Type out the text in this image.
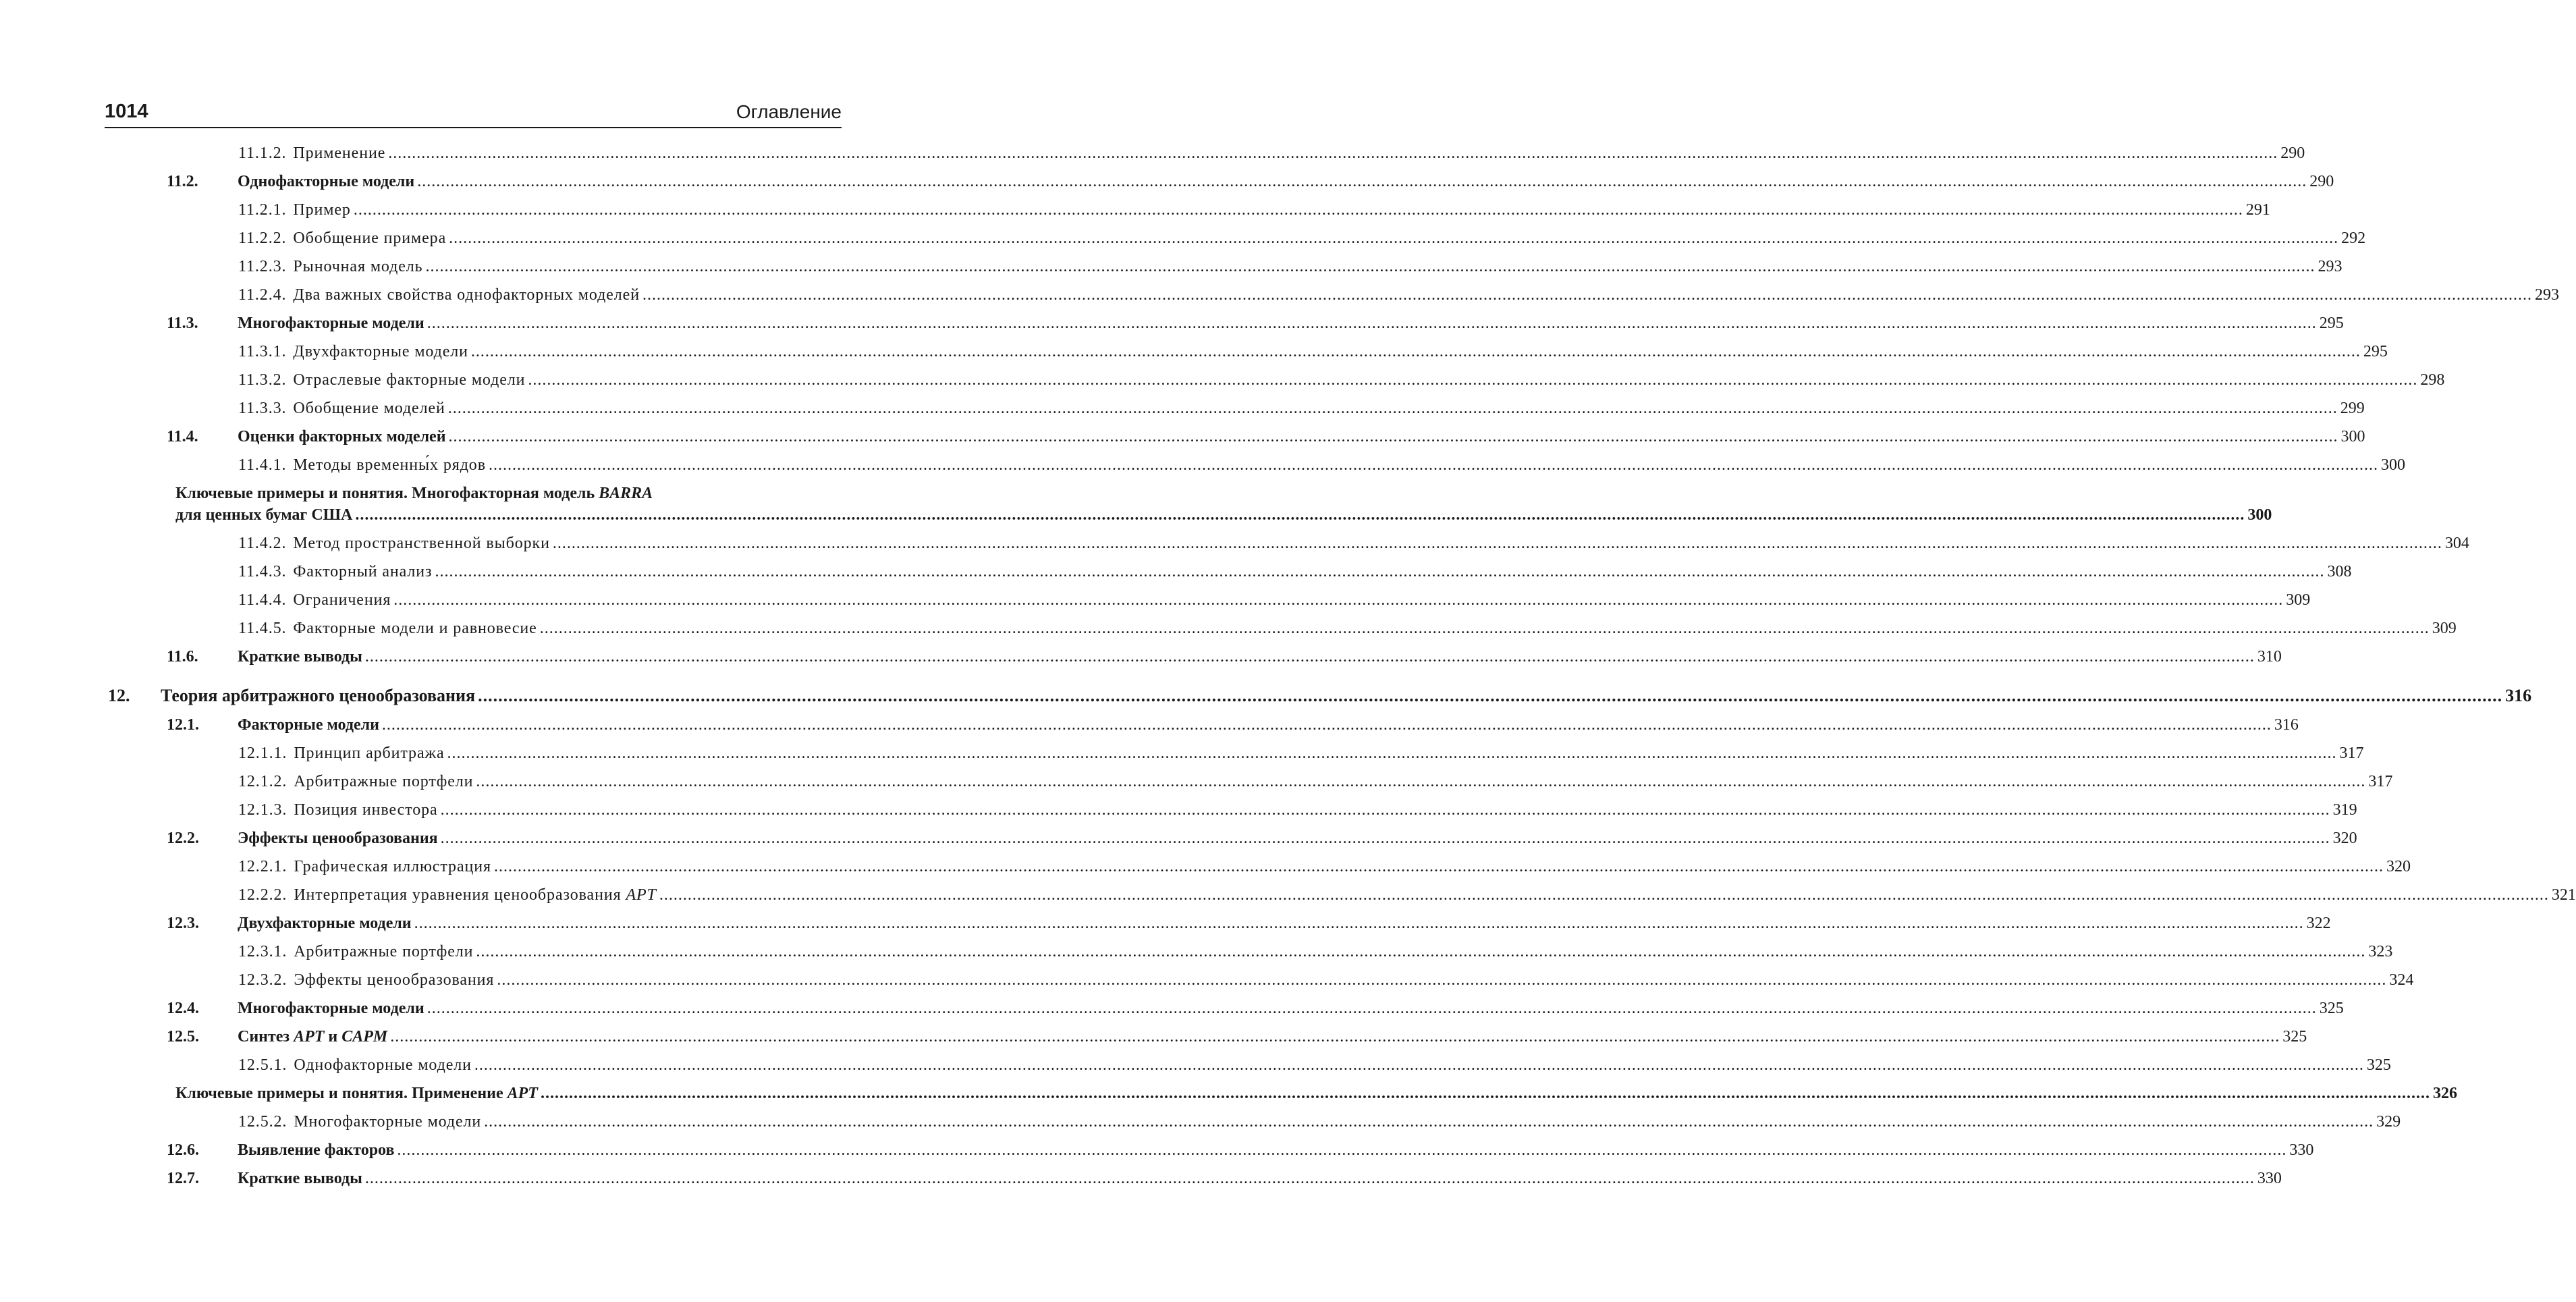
1014	Оглавление
11.1.2. Применение ................................................................................................................................................................................................................................................................................................................................................................................................................ 290
11.2.	Однофакторные модели ................................................................................................................................................................................................................................................................................................................................................................................................................ 290
11.2.1. Пример ................................................................................................................................................................................................................................................................................................................................................................................................................ 291
11.2.2. Обобщение примера ................................................................................................................................................................................................................................................................................................................................................................................................................ 292
11.2.3. Рыночная модель ................................................................................................................................................................................................................................................................................................................................................................................................................ 293
11.2.4. Два важных свойства однофакторных моделей ................................................................................................................................................................................................................................................................................................................................................................................................................ 293
11.3.	Многофакторные модели ................................................................................................................................................................................................................................................................................................................................................................................................................ 295
11.3.1. Двухфакторные модели ................................................................................................................................................................................................................................................................................................................................................................................................................ 295
11.3.2. Отраслевые факторные модели ................................................................................................................................................................................................................................................................................................................................................................................................................ 298
11.3.3. Обобщение моделей ................................................................................................................................................................................................................................................................................................................................................................................................................ 299
11.4.	Оценки факторных моделей ................................................................................................................................................................................................................................................................................................................................................................................................................ 300
11.4.1. Методы временны́х рядов ................................................................................................................................................................................................................................................................................................................................................................................................................ 300
Ключевые примеры и понятия. Многофакторная модель BARRA
для ценных бумаг США ................................................................................................................................................................................................................................................................................................................................................................................................................ 300
11.4.2. Метод пространственной выборки ................................................................................................................................................................................................................................................................................................................................................................................................................ 304
11.4.3. Факторный анализ ................................................................................................................................................................................................................................................................................................................................................................................................................ 308
11.4.4. Ограничения ................................................................................................................................................................................................................................................................................................................................................................................................................ 309
11.4.5. Факторные модели и равновесие ................................................................................................................................................................................................................................................................................................................................................................................................................ 309
11.6.	Краткие выводы ................................................................................................................................................................................................................................................................................................................................................................................................................ 310
12.	Теория арбитражного ценообразования ................................................................................................................................................................................................................................................................................................................................................................................................................ 316
12.1.	Факторные модели ................................................................................................................................................................................................................................................................................................................................................................................................................ 316
12.1.1. Принцип арбитража ................................................................................................................................................................................................................................................................................................................................................................................................................ 317
12.1.2. Арбитражные портфели ................................................................................................................................................................................................................................................................................................................................................................................................................ 317
12.1.3. Позиция инвестора ................................................................................................................................................................................................................................................................................................................................................................................................................ 319
12.2.	Эффекты ценообразования ................................................................................................................................................................................................................................................................................................................................................................................................................ 320
12.2.1. Графическая иллюстрация ................................................................................................................................................................................................................................................................................................................................................................................................................ 320
12.2.2. Интерпретация уравнения ценообразования APT ................................................................................................................................................................................................................................................................................................................................................................................................................ 321
12.3.	Двухфакторные модели ................................................................................................................................................................................................................................................................................................................................................................................................................ 322
12.3.1. Арбитражные портфели ................................................................................................................................................................................................................................................................................................................................................................................................................ 323
12.3.2. Эффекты ценообразования ................................................................................................................................................................................................................................................................................................................................................................................................................ 324
12.4.	Многофакторные модели ................................................................................................................................................................................................................................................................................................................................................................................................................ 325
12.5.	Синтез APT и CAPM ................................................................................................................................................................................................................................................................................................................................................................................................................ 325
12.5.1. Однофакторные модели ................................................................................................................................................................................................................................................................................................................................................................................................................ 325
Ключевые примеры и понятия. Применение APT ................................................................................................................................................................................................................................................................................................................................................................................................................ 326
12.5.2. Многофакторные модели ................................................................................................................................................................................................................................................................................................................................................................................................................ 329
12.6.	Выявление факторов ................................................................................................................................................................................................................................................................................................................................................................................................................ 330
12.7.	Краткие выводы ................................................................................................................................................................................................................................................................................................................................................................................................................ 330
